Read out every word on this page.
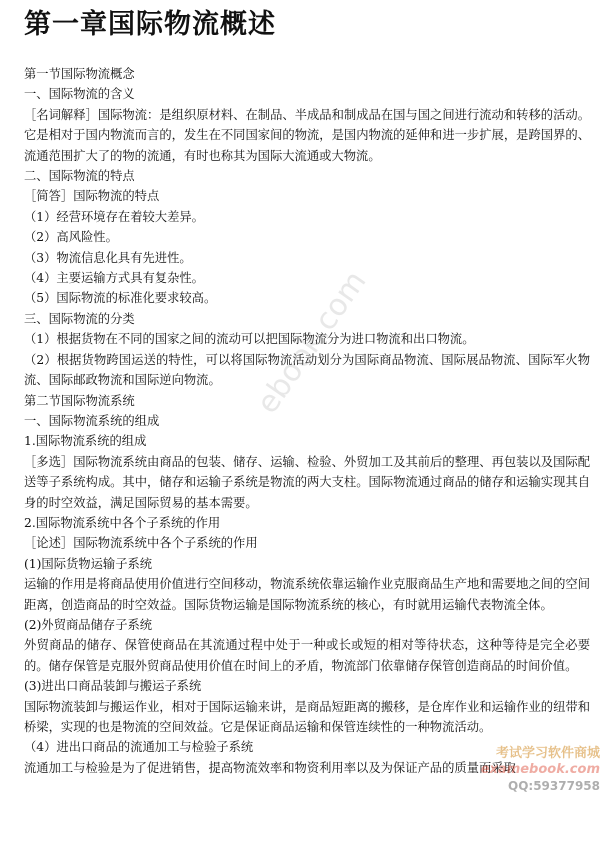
第一章国际物流概述
第一节国际物流概念
一、国际物流的含义
［名词解释］国际物流：是组织原材料、在制品、半成品和制成品在国与国之间进行流动和转移的活动。它是相对于国内物流而言的，发生在不同国家间的物流，是国内物流的延伸和进一步扩展，是跨国界的、流通范围扩大了的物的流通，有时也称其为国际大流通或大物流。
二、国际物流的特点
［简答］国际物流的特点
（1）经营环境存在着较大差异。
（2）高风险性。
（3）物流信息化具有先进性。
（4）主要运输方式具有复杂性。
（5）国际物流的标准化要求较高。
三、国际物流的分类
（1）根据货物在不同的国家之间的流动可以把国际物流分为进口物流和出口物流。
（2）根据货物跨国运送的特性，可以将国际物流活动划分为国际商品物流、国际展品物流、国际军火物流、国际邮政物流和国际逆向物流。
第二节国际物流系统
一、国际物流系统的组成
1.国际物流系统的组成
［多选］国际物流系统由商品的包装、储存、运输、检验、外贸加工及其前后的整理、再包装以及国际配送等子系统构成。其中，储存和运输子系统是物流的两大支柱。国际物流通过商品的储存和运输实现其自身的时空效益，满足国际贸易的基本需要。
2.国际物流系统中各个子系统的作用
［论述］国际物流系统中各个子系统的作用
(1)国际货物运输子系统
运输的作用是将商品使用价值进行空间移动，物流系统依靠运输作业克服商品生产地和需要地之间的空间距离，创造商品的时空效益。国际货物运输是国际物流系统的核心，有时就用运输代表物流全体。
(2)外贸商品储存子系统
外贸商品的储存、保管使商品在其流通过程中处于一种或长或短的相对等待状态，这种等待是完全必要的。储存保管是克服外贸商品使用价值在时间上的矛盾，物流部门依靠储存保管创造商品的时间价值。
(3)进出口商品装卸与搬运子系统
国际物流装卸与搬运作业，相对于国际运输来讲，是商品短距离的搬移，是仓库作业和运输作业的纽带和桥梁，实现的也是物流的空间效益。它是保证商品运输和保管连续性的一种物流活动。
（4）进出口商品的流通加工与检验子系统
流通加工与检验是为了促进销售，提高物流效率和物资利用率以及为保证产品的质量而采取
ebook.com
考试学习软件商城
examebook.com
QQ:59377958
